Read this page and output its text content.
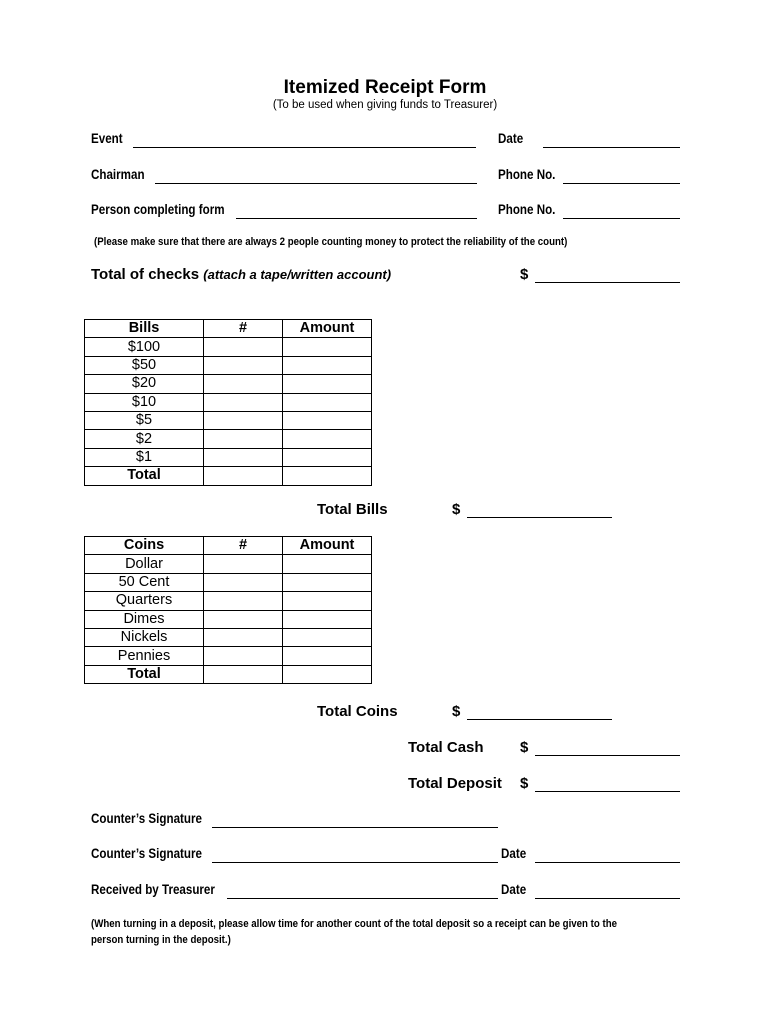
Itemized Receipt Form
(To be used when giving funds to Treasurer)
Event	Date
Chairman	Phone No.
Person completing form	Phone No.
(Please make sure that there are always 2 people counting money to protect the reliability of the count)
Total of checks (attach a tape/written account)	$
Bills	#	Amount
$100		
$50		
$20		
$10		
$5		
$2		
$1		
Total		
Total Bills	$
Coins	#	Amount
Dollar		
50 Cent		
Quarters		
Dimes		
Nickels		
Pennies		
Total		
Total Coins	$
Total Cash $
Total Deposit $
Counter’s Signature
Counter’s Signature	Date
Received by Treasurer	Date
(When turning in a deposit, please allow time for another count of the total deposit so a receipt can be given to the
person turning in the deposit.)
